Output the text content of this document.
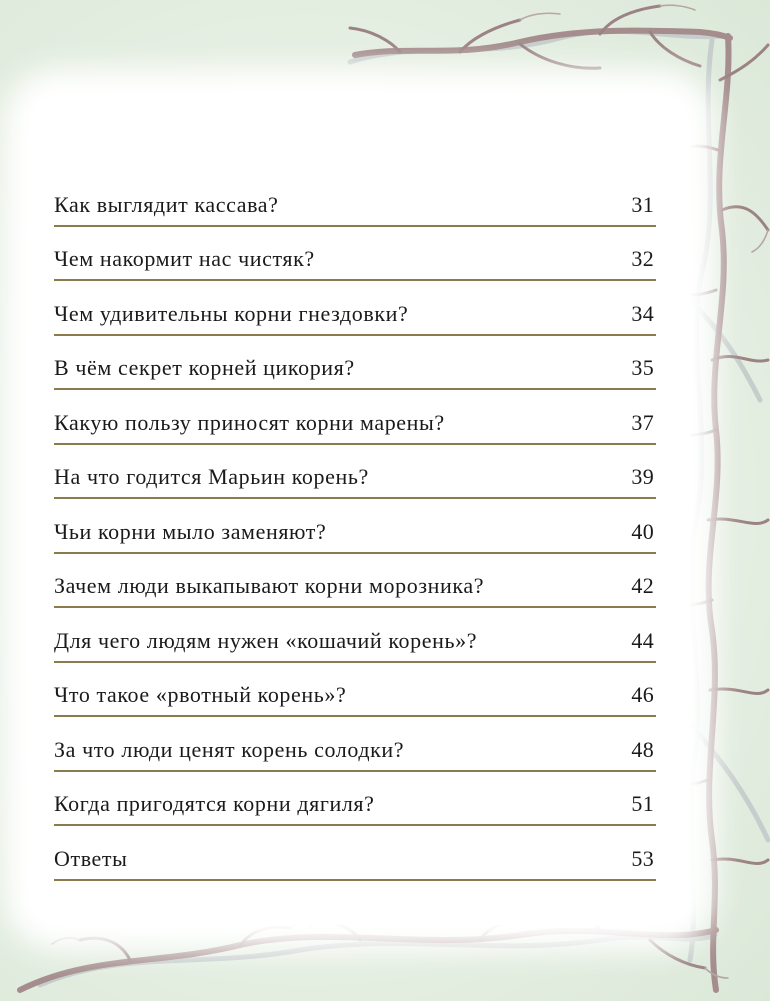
Как выглядит кассава?	31
Чем накормит нас чистяк?	32
Чем удивительны корни гнездовки?	34
В чём секрет корней цикория?	35
Какую пользу приносят корни марены?	37
На что годится Марьин корень?	39
Чьи корни мыло заменяют?	40
Зачем люди выкапывают корни морозника?	42
Для чего людям нужен «кошачий корень»?	44
Что такое «рвотный корень»?	46
За что люди ценят корень солодки?	48
Когда пригодятся корни дягиля?	51
Ответы	53
